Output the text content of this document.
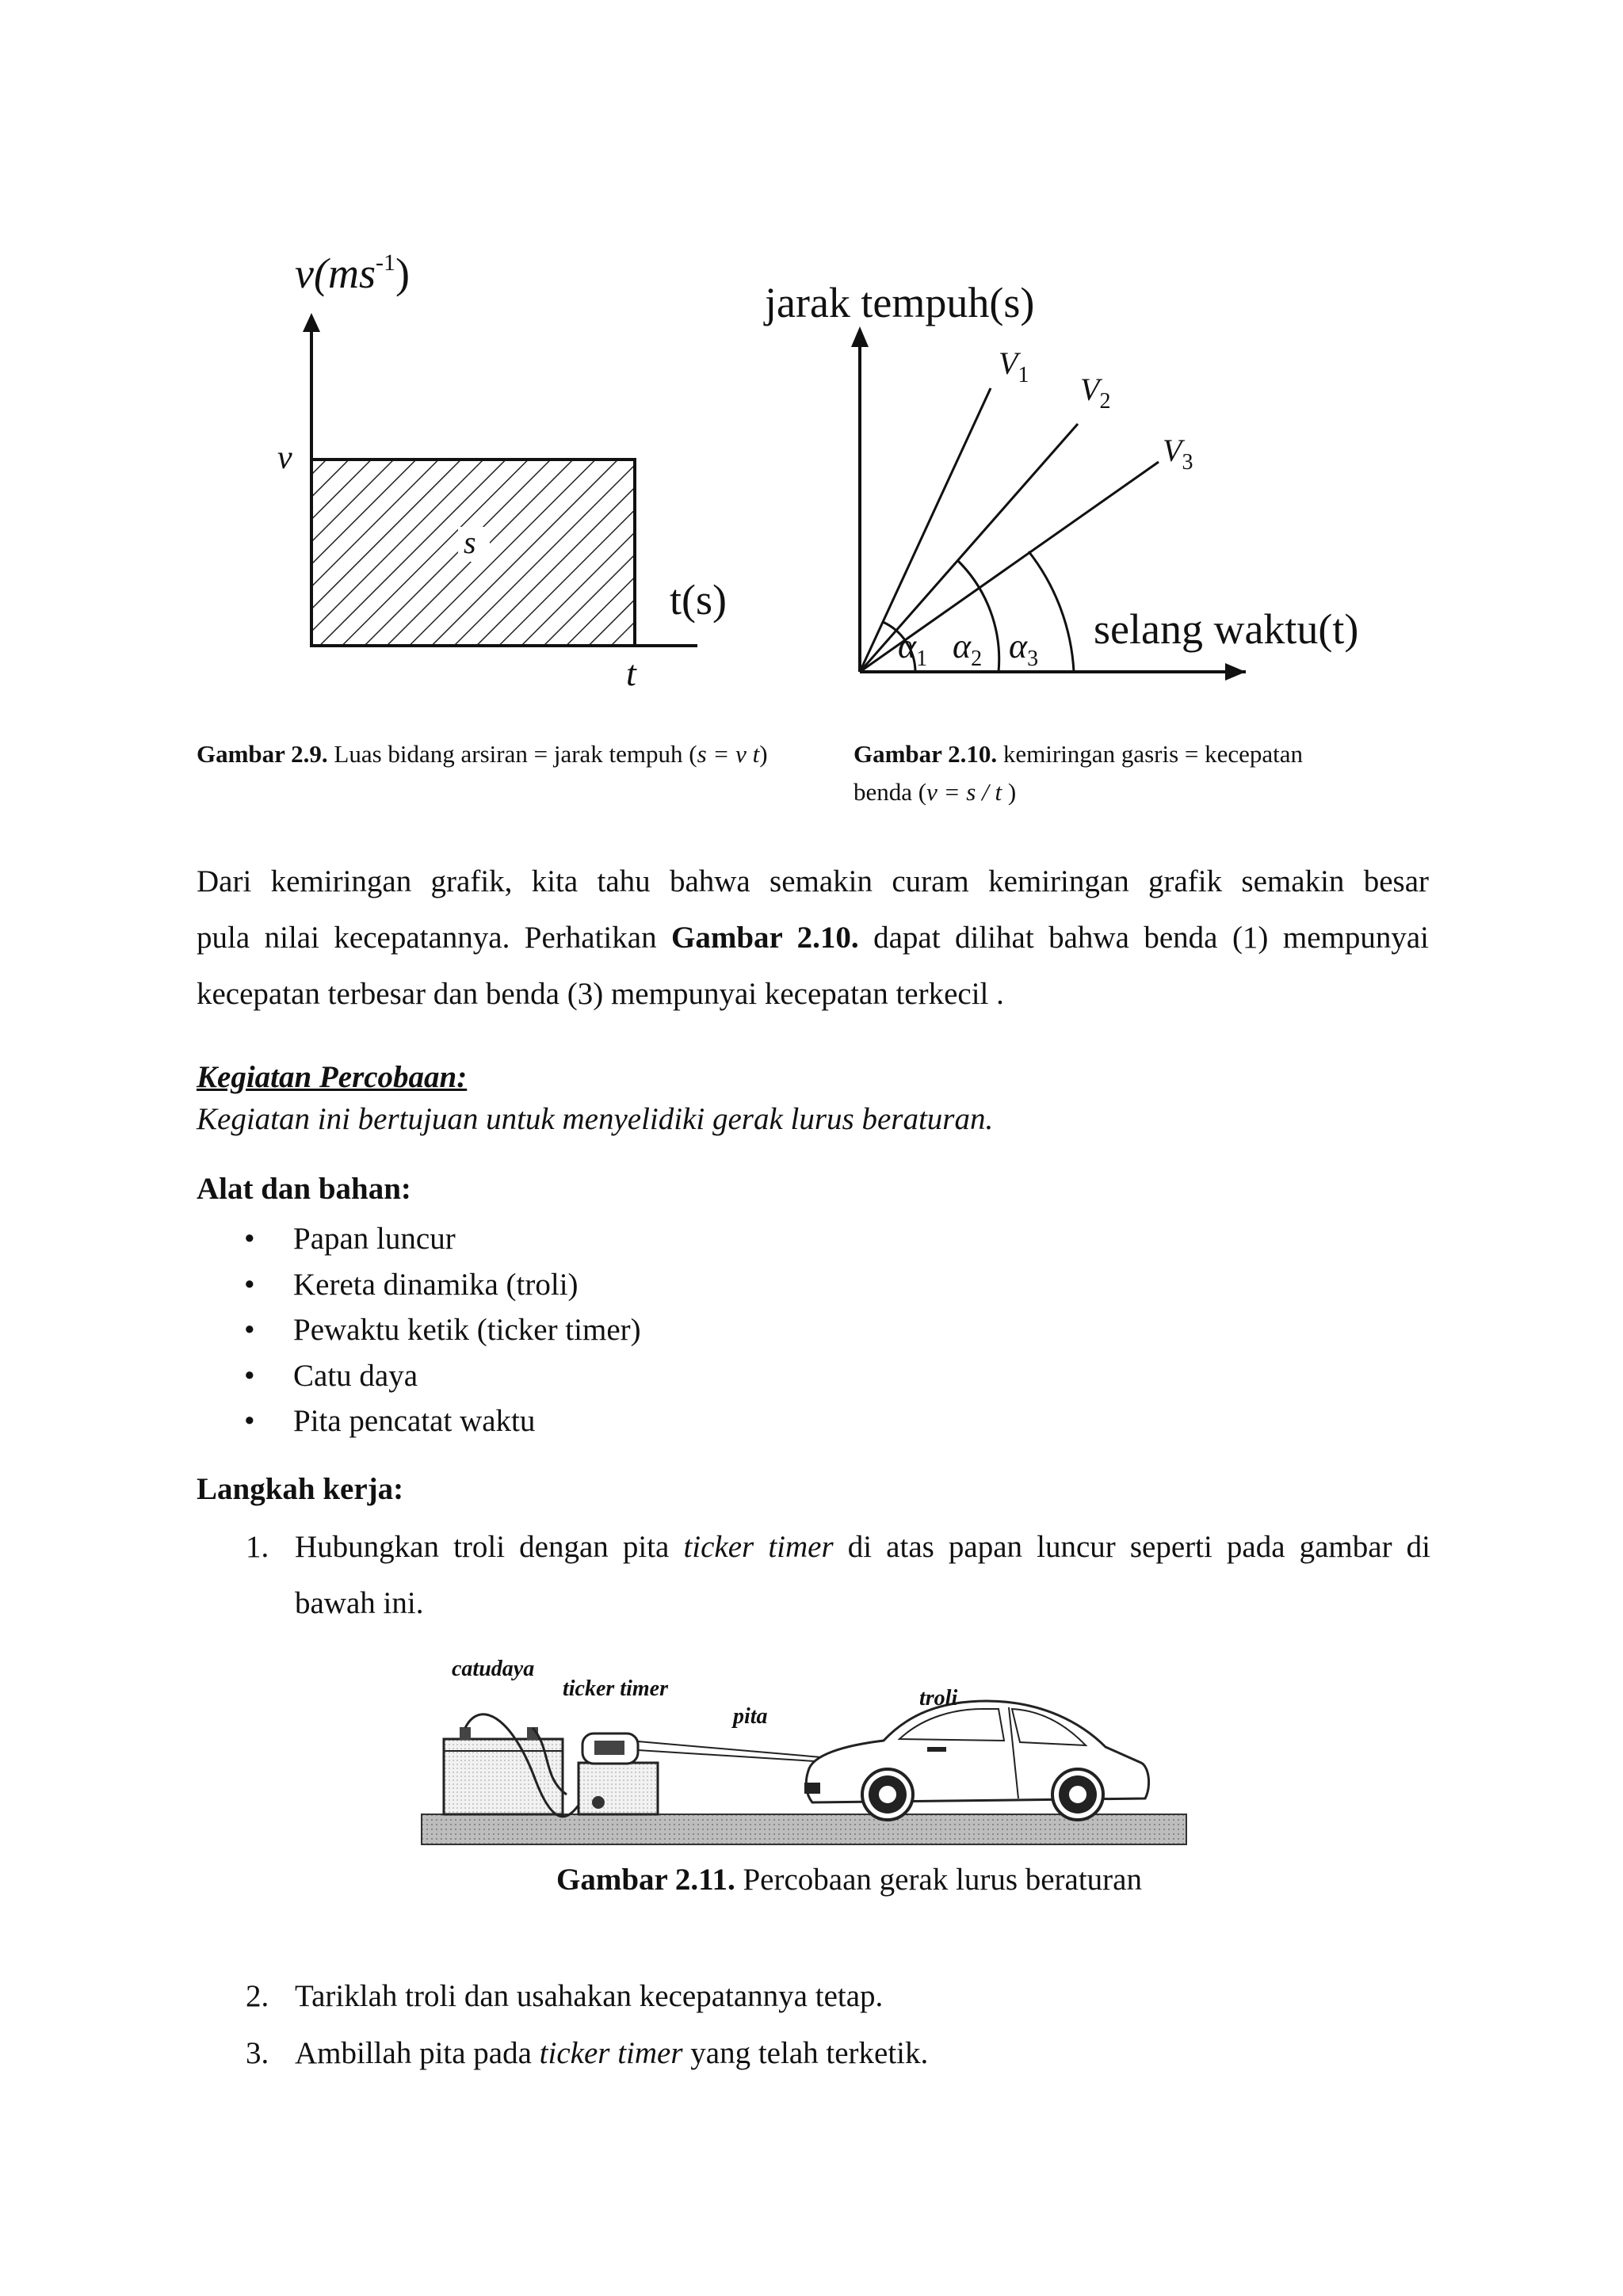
$v(ms^{-1})$
v
s
t(s)
t
jarak tempuh(s)
selang waktu(t)
$V_1$ $V_2$
$V_3$
$\alpha_1$ $\alpha_2$ $\alpha_3$
Gambar 2.9. Luas bidang arsiran = jarak tempuh (s = v t)	Gambar 2.10. kemiringan gasris = kecepatan
benda (v = s / t )
Dari kemiringan grafik, kita tahu bahwa semakin curam kemiringan grafik semakin besar
pula nilai kecepatannya. Perhatikan Gambar 2.10. dapat dilihat bahwa benda (1) mempunyai
kecepatan terbesar dan benda (3) mempunyai kecepatan terkecil .
Kegiatan Percobaan:
Kegiatan ini bertujuan untuk menyelidiki gerak lurus beraturan.
Alat dan bahan:
• Papan luncur
• Kereta dinamika (troli)
• Pewaktu ketik (ticker timer)
• Catu daya
• Pita pencatat waktu
Langkah kerja:
1. Hubungkan troli dengan pita ticker timer di atas papan luncur seperti pada gambar di
bawah ini.
catudaya
ticker timer
pita
troli
Gambar 2.11. Percobaan gerak lurus beraturan
2. Tariklah troli dan usahakan kecepatannya tetap.
3. Ambillah pita pada ticker timer yang telah terketik.
